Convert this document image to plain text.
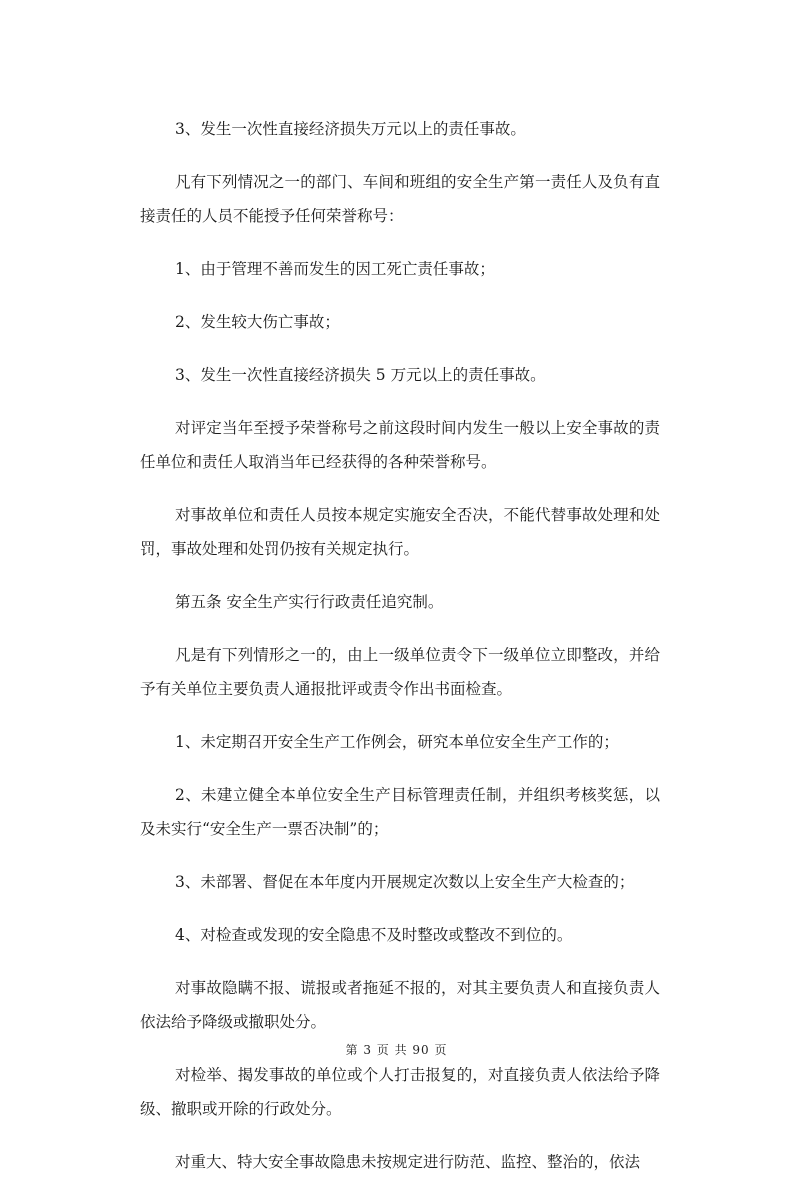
3、发生一次性直接经济损失万元以上的责任事故。

凡有下列情况之一的部门、车间和班组的安全生产第一责任人及负有直接责任的人员不能授予任何荣誉称号：

1、由于管理不善而发生的因工死亡责任事故；

2、发生较大伤亡事故；

3、发生一次性直接经济损失 5 万元以上的责任事故。

对评定当年至授予荣誉称号之前这段时间内发生一般以上安全事故的责任单位和责任人取消当年已经获得的各种荣誉称号。

对事故单位和责任人员按本规定实施安全否决，不能代替事故处理和处罚，事故处理和处罚仍按有关规定执行。

第五条 安全生产实行行政责任追究制。

凡是有下列情形之一的，由上一级单位责令下一级单位立即整改，并给予有关单位主要负责人通报批评或责令作出书面检查。

1、未定期召开安全生产工作例会，研究本单位安全生产工作的；

2、未建立健全本单位安全生产目标管理责任制，并组织考核奖惩，以及未实行“安全生产一票否决制”的；

3、未部署、督促在本年度内开展规定次数以上安全生产大检查的；

4、对检查或发现的安全隐患不及时整改或整改不到位的。

对事故隐瞒不报、谎报或者拖延不报的，对其主要负责人和直接负责人依法给予降级或撤职处分。

对检举、揭发事故的单位或个人打击报复的，对直接负责人依法给予降级、撤职或开除的行政处分。

对重大、特大安全事故隐患未按规定进行防范、监控、整治的，依法

第 3 页 共 90 页
